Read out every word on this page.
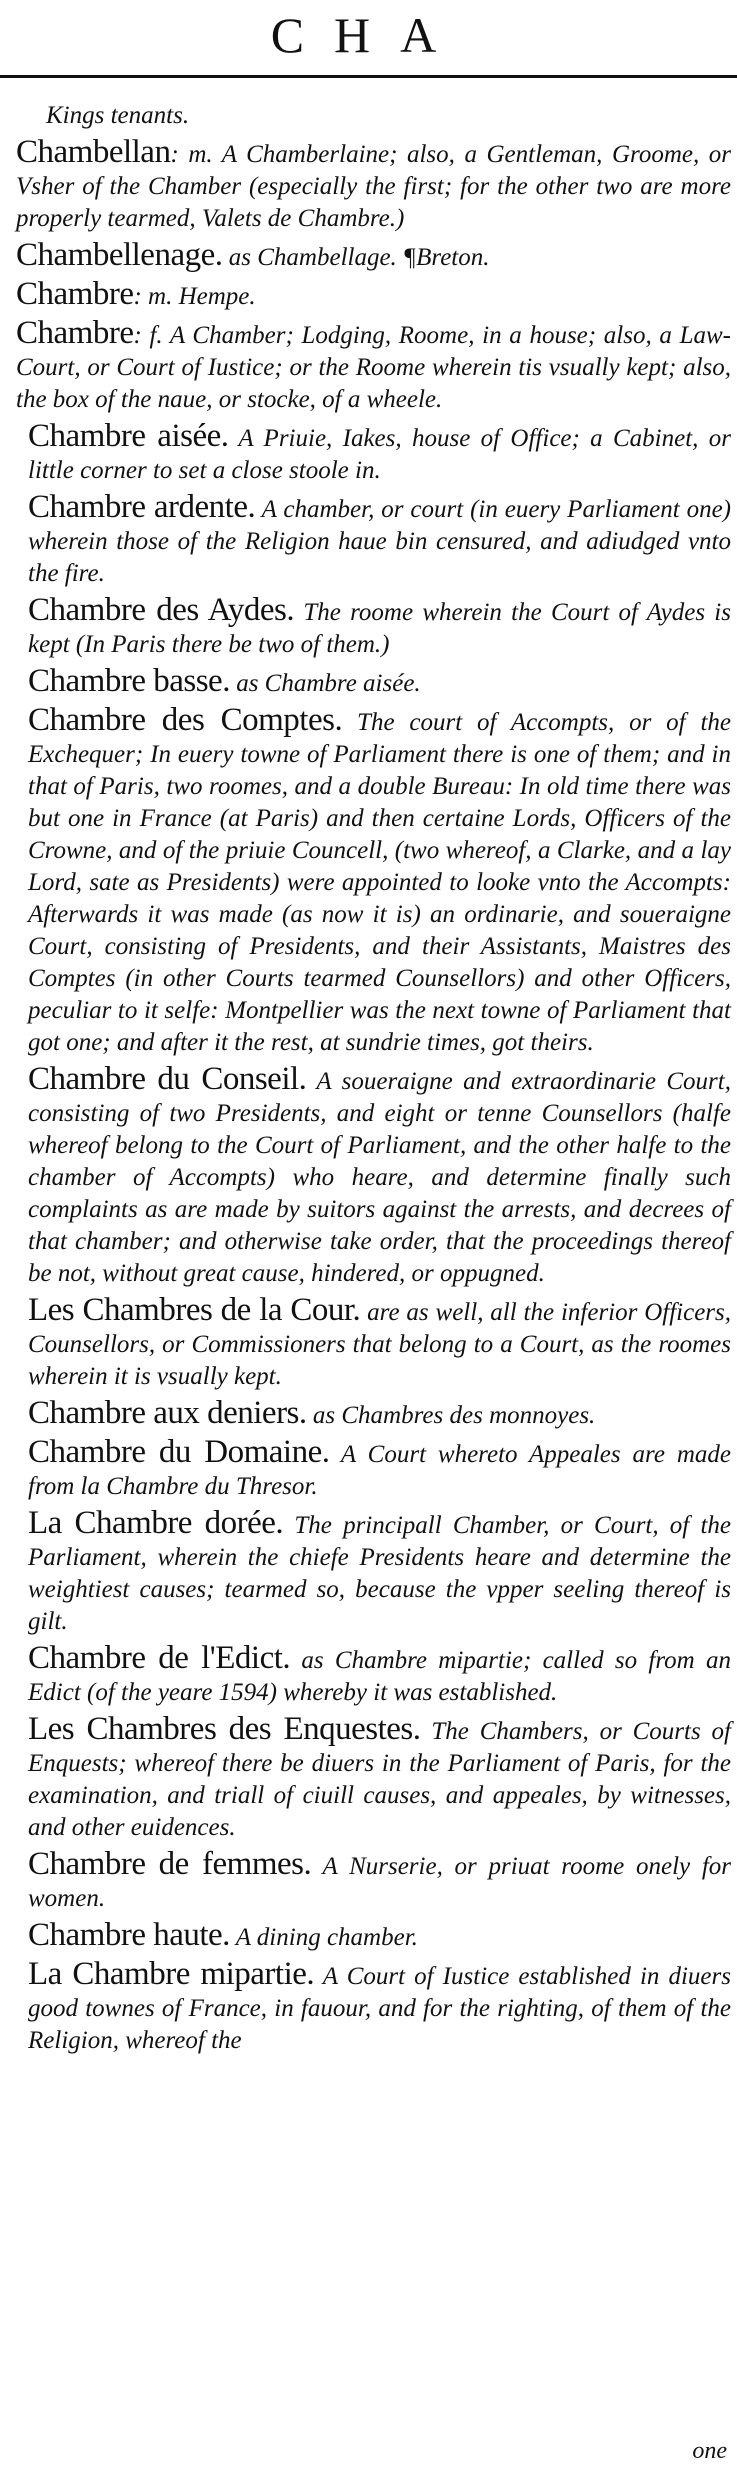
CHA
Kings tenants.
Chambellan: m. A Chamberlaine; also, a Gentleman, Groome, or Vsher of the Chamber (especially the first; for the other two are more properly tearmed, Valets de Chambre.)
Chambellenage. as Chambellage. ¶Breton.
Chambre: m. Hempe.
Chambre: f. A Chamber; Lodging, Roome, in a house; also, a Law-Court, or Court of Iustice; or the Roome wherein tis vsually kept; also, the box of the naue, or stocke, of a wheele.
Chambre aisée. A Priuie, Iakes, house of Office; a Cabinet, or little corner to set a close stoole in.
Chambre ardente. A chamber, or court (in euery Parliament one) wherein those of the Religion haue bin censured, and adiudged vnto the fire.
Chambre des Aydes. The roome wherein the Court of Aydes is kept (In Paris there be two of them.)
Chambre basse. as Chambre aisée.
Chambre des Comptes. The court of Accompts, or of the Exchequer; In euery towne of Parliament there is one of them; and in that of Paris, two roomes, and a double Bureau: In old time there was but one in France (at Paris) and then certaine Lords, Officers of the Crowne, and of the priuie Councell, (two whereof, a Clarke, and a lay Lord, sate as Presidents) were appointed to looke vnto the Accompts: Afterwards it was made (as now it is) an ordinarie, and soueraigne Court, consisting of Presidents, and their Assistants, Maistres des Comptes (in other Courts tearmed Counsellors) and other Officers, peculiar to it selfe: Montpellier was the next towne of Parliament that got one; and after it the rest, at sundrie times, got theirs.
Chambre du Conseil. A soueraigne and extraordinarie Court, consisting of two Presidents, and eight or tenne Counsellors (halfe whereof belong to the Court of Parliament, and the other halfe to the chamber of Accompts) who heare, and determine finally such complaints as are made by suitors against the arrests, and decrees of that chamber; and otherwise take order, that the proceedings thereof be not, without great cause, hindered, or oppugned.
Les Chambres de la Cour. are as well, all the inferior Officers, Counsellors, or Commissioners that belong to a Court, as the roomes wherein it is vsually kept.
Chambre aux deniers. as Chambres des monnoyes.
Chambre du Domaine. A Court whereto Appeales are made from la Chambre du Thresor.
La Chambre dorée. The principall Chamber, or Court, of the Parliament, wherein the chiefe Presidents heare and determine the weightiest causes; tearmed so, because the vpper seeling thereof is gilt.
Chambre de l'Edict. as Chambre mipartie; called so from an Edict (of the yeare 1594) whereby it was established.
Les Chambres des Enquestes. The Chambers, or Courts of Enquests; whereof there be diuers in the Parliament of Paris, for the examination, and triall of ciuill causes, and appeales, by witnesses, and other euidences.
Chambre de femmes. A Nurserie, or priuat roome onely for women.
Chambre haute. A dining chamber.
La Chambre mipartie. A Court of Iustice established in diuers good townes of France, in fauour, and for the righting, of them of the Religion, whereof the
one
